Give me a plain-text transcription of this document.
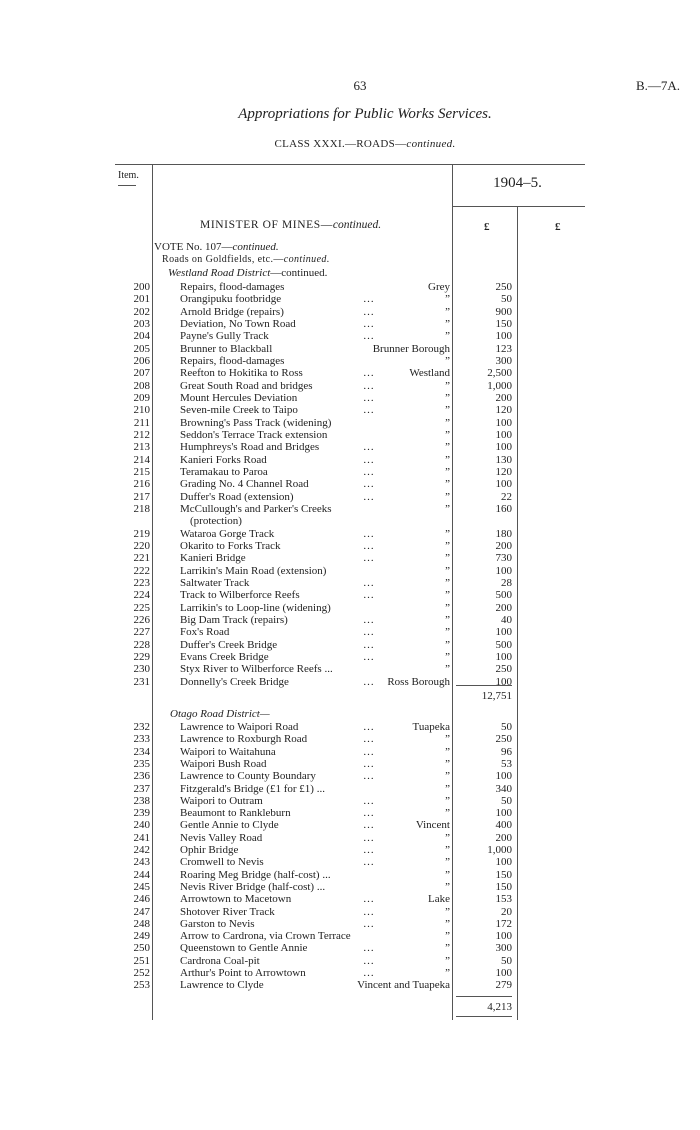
63	B.—7A.
Appropriations for Public Works Services.
CLASS XXXI.—ROADS—continued.
Item.	1904–5.
MINISTER OF MINES—continued.	£	£
VOTE No. 107—continued.
Roads on Goldfields, etc.—continued.
Westland Road District—continued.
200	Repairs, flood-damages	Grey	250
201	Orangipuku footbridge	...	”	50
202	Arnold Bridge (repairs)	...	”	900
203	Deviation, No Town Road	...	”	150
204	Payne's Gully Track	...	”	100
205	Brunner to Blackball	Brunner Borough	123
206	Repairs, flood-damages	”	300
207	Reefton to Hokitika to Ross	...	Westland	2,500
208	Great South Road and bridges	...	”	1,000
209	Mount Hercules Deviation	...	”	200
210	Seven-mile Creek to Taipo	...	”	120
211	Browning's Pass Track (widening)	”	100
212	Seddon's Terrace Track extension	”	100
213	Humphreys's Road and Bridges	...	”	100
214	Kanieri Forks Road	...	”	130
215	Teramakau to Paroa	...	”	120
216	Grading No. 4 Channel Road	...	”	100
217	Duffer's Road (extension)	...	”	22
218	McCullough's and Parker's Creeks	”	160
(protection)
219	Wataroa Gorge Track	...	”	180
220	Okarito to Forks Track	...	”	200
221	Kanieri Bridge	...	”	730
222	Larrikin's Main Road (extension)	”	100
223	Saltwater Track	...	”	28
224	Track to Wilberforce Reefs	...	”	500
225	Larrikin's to Loop-line (widening)	”	200
226	Big Dam Track (repairs)	...	”	40
227	Fox's Road	...	”	100
228	Duffer's Creek Bridge	...	”	500
229	Evans Creek Bridge	...	”	100
230	Styx River to Wilberforce Reefs ...	”	250
231	Donnelly's Creek Bridge	...	Ross Borough	100
12,751
Otago Road District—
232	Lawrence to Waipori Road	...	Tuapeka	50
233	Lawrence to Roxburgh Road	...	”	250
234	Waipori to Waitahuna	...	”	96
235	Waipori Bush Road	...	”	53
236	Lawrence to County Boundary	...	”	100
237	Fitzgerald's Bridge (£1 for £1) ...	”	340
238	Waipori to Outram	...	”	50
239	Beaumont to Rankleburn	...	”	100
240	Gentle Annie to Clyde	...	Vincent	400
241	Nevis Valley Road	...	”	200
242	Ophir Bridge	...	”	1,000
243	Cromwell to Nevis	...	”	100
244	Roaring Meg Bridge (half-cost) ...	”	150
245	Nevis River Bridge (half-cost) ...	”	150
246	Arrowtown to Macetown	...	Lake	153
247	Shotover River Track	...	”	20
248	Garston to Nevis	...	”	172
249	Arrow to Cardrona, via Crown Terrace	”	100
250	Queenstown to Gentle Annie	...	”	300
251	Cardrona Coal-pit	...	”	50
252	Arthur's Point to Arrowtown	...	”	100
253	Lawrence to Clyde	Vincent and Tuapeka	279
4,213
